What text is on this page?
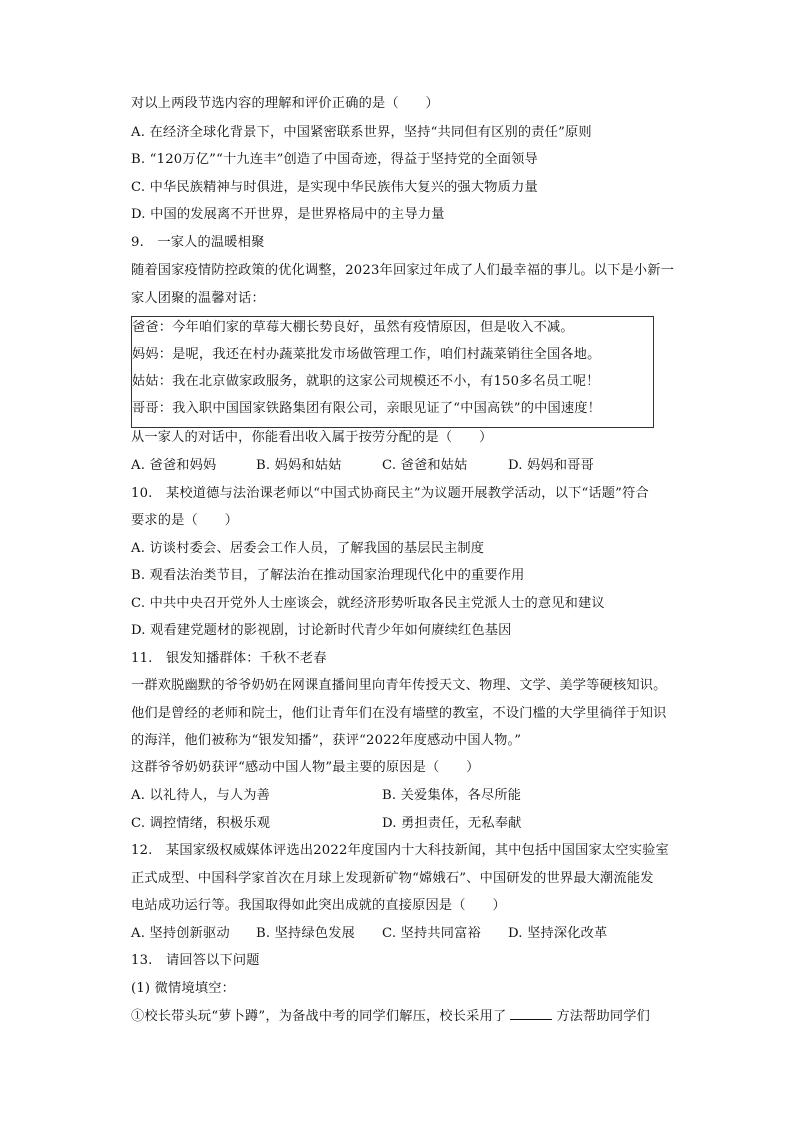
对以上两段节选内容的理解和评价正确的是（　　）
A. 在经济全球化背景下，中国紧密联系世界，坚持“共同但有区别的责任”原则
B. “120万亿”“十九连丰”创造了中国奇迹，得益于坚持党的全面领导
C. 中华民族精神与时俱进，是实现中华民族伟大复兴的强大物质力量
D. 中国的发展离不开世界，是世界格局中的主导力量
9.　一家人的温暖相聚
随着国家疫情防控政策的优化调整，2023年回家过年成了人们最幸福的事儿。以下是小新一
家人团聚的温馨对话：
爸爸：今年咱们家的草莓大棚长势良好，虽然有疫情原因，但是收入不减。
妈妈：是呢，我还在村办蔬菜批发市场做管理工作，咱们村蔬菜销往全国各地。
姑姑：我在北京做家政服务，就职的这家公司规模还不小，有150多名员工呢！
哥哥：我入职中国国家铁路集团有限公司，亲眼见证了“中国高铁”的中国速度！
从一家人的对话中，你能看出收入属于按劳分配的是（　　）
A. 爸爸和妈妈	B. 妈妈和姑姑	C. 爸爸和姑姑	D. 妈妈和哥哥
10.　某校道德与法治课老师以“中国式协商民主”为议题开展教学活动，以下“话题”符合
要求的是（　　）
A. 访谈村委会、居委会工作人员，了解我国的基层民主制度
B. 观看法治类节目，了解法治在推动国家治理现代化中的重要作用
C. 中共中央召开党外人士座谈会，就经济形势听取各民主党派人士的意见和建议
D. 观看建党题材的影视剧，讨论新时代青少年如何赓续红色基因
11.　银发知播群体：千秋不老春
一群欢脱幽默的爷爷奶奶在网课直播间里向青年传授天文、物理、文学、美学等硬核知识。
他们是曾经的老师和院士，他们让青年们在没有墙壁的教室，不设门槛的大学里徜徉于知识
的海洋，他们被称为“银发知播”，获评“2022年度感动中国人物。”
这群爷爷奶奶获评“感动中国人物”最主要的原因是（　　）
A. 以礼待人，与人为善	B. 关爱集体，各尽所能
C. 调控情绪，积极乐观	D. 勇担责任，无私奉献
12.　某国家级权威媒体评选出2022年度国内十大科技新闻，其中包括中国国家太空实验室
正式成型、中国科学家首次在月球上发现新矿物“嫦娥石”、中国研发的世界最大潮流能发
电站成功运行等。我国取得如此突出成就的直接原因是（　　）
A. 坚持创新驱动 B. 坚持绿色发展 C. 坚持共同富裕 D. 坚持深化改革
13.　请回答以下问题
(1) 微情境填空：
①校长带头玩“萝卜蹲”，为备战中考的同学们解压，校长采用了	方法帮助同学们
